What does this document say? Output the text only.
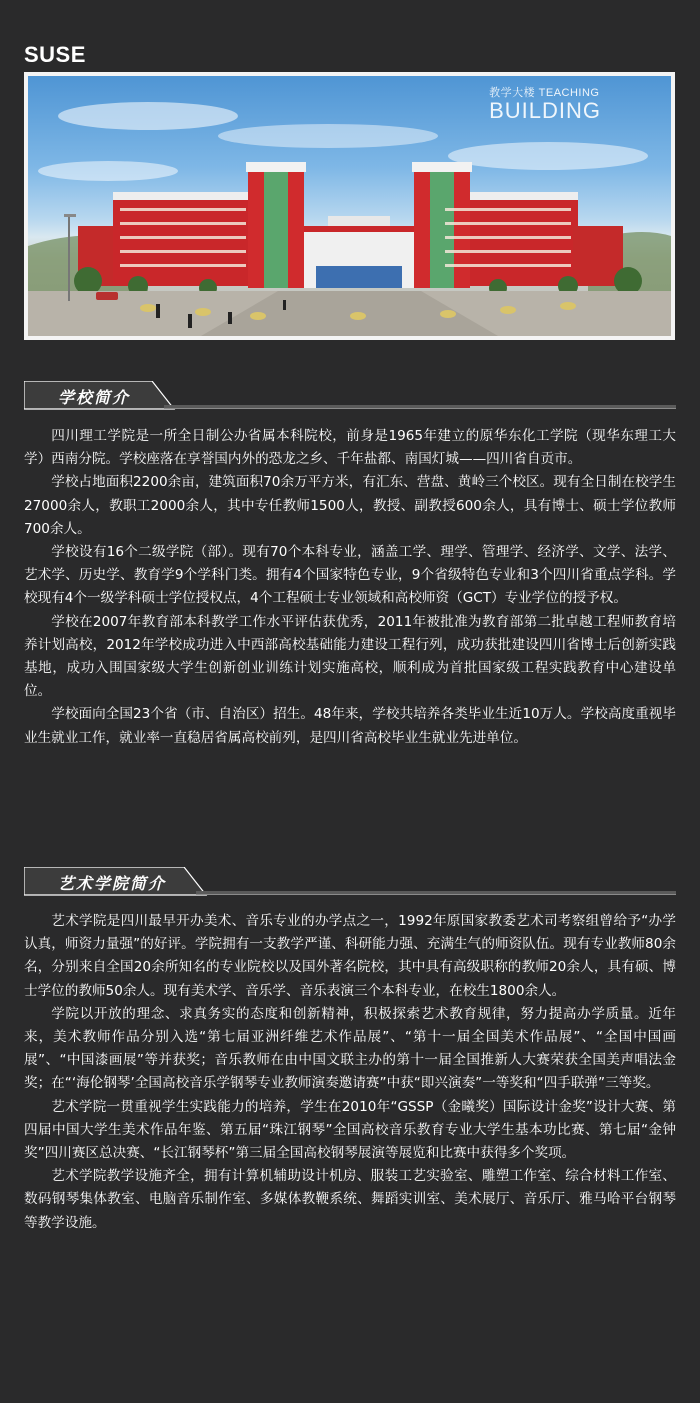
SUSE
教学大楼 TEACHING
BUILDING
学校简介

四川理工学院是一所全日制公办省属本科院校，前身是1965年建立的原华东化工学院（现华东理工大学）西南分院。学校座落在享誉国内外的恐龙之乡、千年盐都、南国灯城——四川省自贡市。

学校占地面积2200余亩，建筑面积70余万平方米，有汇东、营盘、黄岭三个校区。现有全日制在校学生27000余人，教职工2000余人，其中专任教师1500人，教授、副教授600余人，具有博士、硕士学位教师700余人。

学校设有16个二级学院（部）。现有70个本科专业，涵盖工学、理学、管理学、经济学、文学、法学、艺术学、历史学、教育学9个学科门类。拥有4个国家特色专业，9个省级特色专业和3个四川省重点学科。学校现有4个一级学科硕士学位授权点，4个工程硕士专业领域和高校师资（GCT）专业学位的授予权。

学校在2007年教育部本科教学工作水平评估获优秀，2011年被批准为教育部第二批卓越工程师教育培养计划高校，2012年学校成功进入中西部高校基础能力建设工程行列，成功获批建设四川省博士后创新实践基地，成功入围国家级大学生创新创业训练计划实施高校，顺利成为首批国家级工程实践教育中心建设单位。

学校面向全国23个省（市、自治区）招生。48年来，学校共培养各类毕业生近10万人。学校高度重视毕业生就业工作，就业率一直稳居省属高校前列，是四川省高校毕业生就业先进单位。

艺术学院简介

艺术学院是四川最早开办美术、音乐专业的办学点之一，1992年原国家教委艺术司考察组曾给予“办学认真，师资力量强”的好评。学院拥有一支教学严谨、科研能力强、充满生气的师资队伍。现有专业教师80余名，分别来自全国20余所知名的专业院校以及国外著名院校，其中具有高级职称的教师20余人，具有硕、博士学位的教师50余人。现有美术学、音乐学、音乐表演三个本科专业，在校生1800余人。

学院以开放的理念、求真务实的态度和创新精神，积极探索艺术教育规律，努力提高办学质量。近年来，美术教师作品分别入选“第七届亚洲纤维艺术作品展”、“第十一届全国美术作品展”、“全国中国画展”、“中国漆画展”等并获奖；音乐教师在由中国文联主办的第十一届全国推新人大赛荣获全国美声唱法金奖；在“‘海伦钢琴’全国高校音乐学钢琴专业教师演奏邀请赛”中获“即兴演奏”一等奖和“四手联弹”三等奖。

艺术学院一贯重视学生实践能力的培养，学生在2010年“GSSP（金曦奖）国际设计金奖”设计大赛、第四届中国大学生美术作品年鉴、第五届“珠江钢琴”全国高校音乐教育专业大学生基本功比赛、第七届“金钟奖”四川赛区总决赛、“长江钢琴杯”第三届全国高校钢琴展演等展览和比赛中获得多个奖项。

艺术学院教学设施齐全，拥有计算机辅助设计机房、服装工艺实验室、雕塑工作室、综合材料工作室、数码钢琴集体教室、电脑音乐制作室、多媒体教鞭系统、舞蹈实训室、美术展厅、音乐厅、雅马哈平台钢琴等教学设施。
